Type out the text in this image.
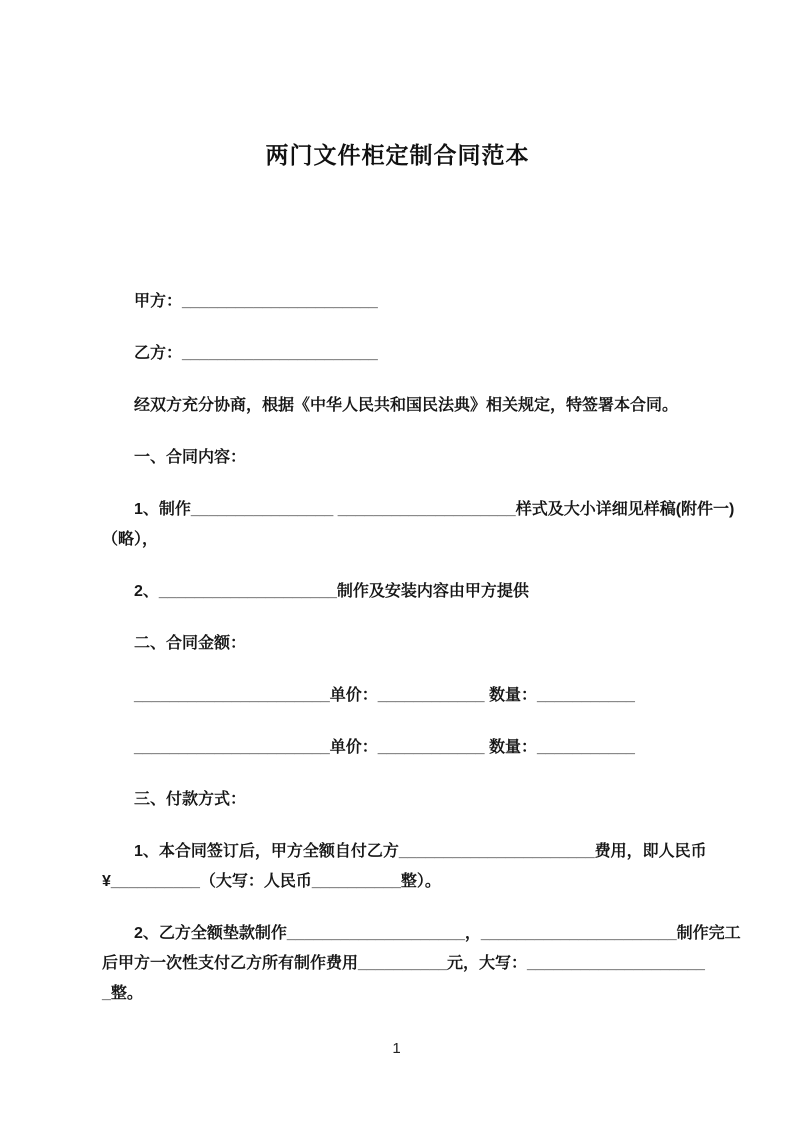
两门文件柜定制合同范本
甲方：______________________
乙方：______________________
经双方充分协商，根据《中华人民共和国民法典》相关规定，特签署本合同。
一、合同内容：
1、制作________________ ____________________样式及大小详细见样稿(附件一)
（略），
2、____________________制作及安装内容由甲方提供
二、合同金额：
______________________单价：____________ 数量：___________
______________________单价：____________ 数量：___________
三、付款方式：
1、本合同签订后，甲方全额自付乙方______________________费用，即人民币
¥__________（大写：人民币__________整）。
2、乙方全额垫款制作____________________，______________________制作完工
后甲方一次性支付乙方所有制作费用__________元，大写：____________________
_整。
1
